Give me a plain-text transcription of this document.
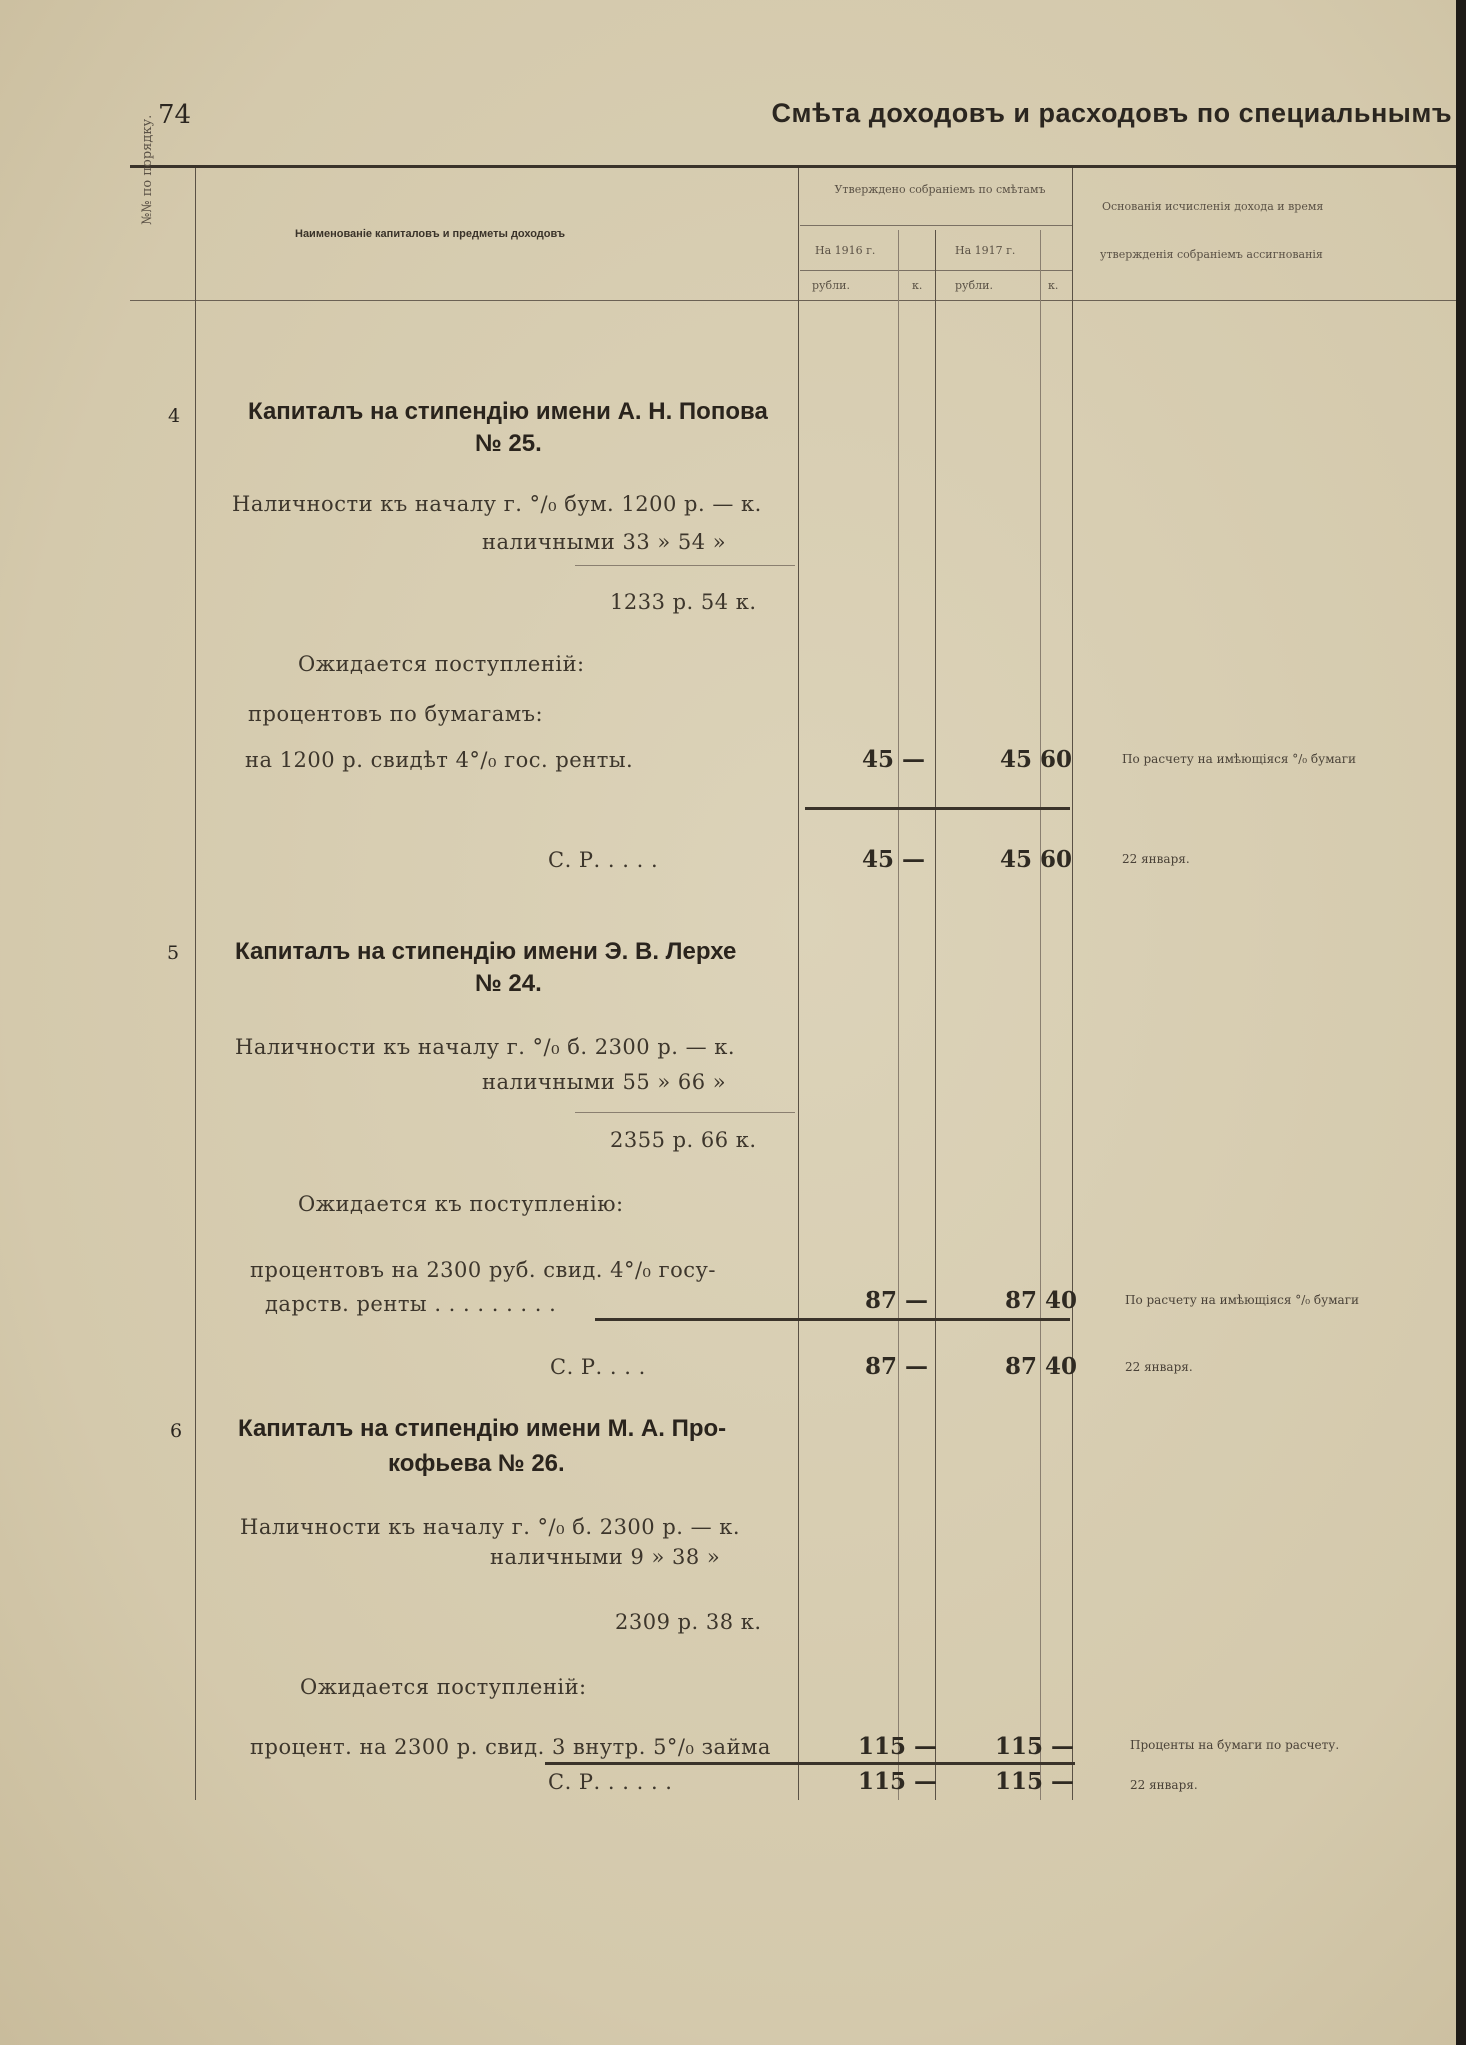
74	Смѣта доходовъ и расходовъ по специальнымъ
№№ по порядку.
Наименованіе капиталовъ и предметы доходовъ
Утверждено собраніемъ по смѣтамъ
На 1916 г.	На 1917 г.
рубли.	к.	рубли.	к.
Основанія исчисленія дохода и время
утвержденія собраніемъ ассигнованія
4	Капиталъ на стипендію имени А. Н. Попова
№ 25.
Наличности къ началу г. °/₀ бум. 1200 р. — к.
наличными 33 » 54 »
1233 р. 54 к.
Ожидается поступленій:
процентовъ по бумагамъ:
на 1200 р. свидѣт 4°/₀ гос. ренты.	45 —	45 60	По расчету на имѣющіяся °/₀ бумаги
С. Р. . . . .	45 —	45 60	22 января.
5 Капиталъ на стипендію имени Э. В. Лерхе
№ 24.
Наличности къ началу г. °/₀ б. 2300 р. — к.
наличными 55 » 66 »
2355 р. 66 к.
Ожидается къ поступленію:
процентовъ на 2300 руб. свид. 4°/₀ госу-
дарств. ренты . . . . . . . . .	87 —	87 40	По расчету на имѣющіяся °/₀ бумаги
С. Р. . . .	87 —	87 40	22 января.
6 Капиталъ на стипендію имени М. А. Про-
кофьева № 26.
Наличности къ началу г. °/₀ б. 2300 р. — к.
наличными 9 » 38 »
2309 р. 38 к.
Ожидается поступленій:
процент. на 2300 р. свид. 3 внутр. 5°/₀ займа	115 —	115 —	Проценты на бумаги по расчету.
С. Р. . . . . .	115 —	115 —	22 января.
